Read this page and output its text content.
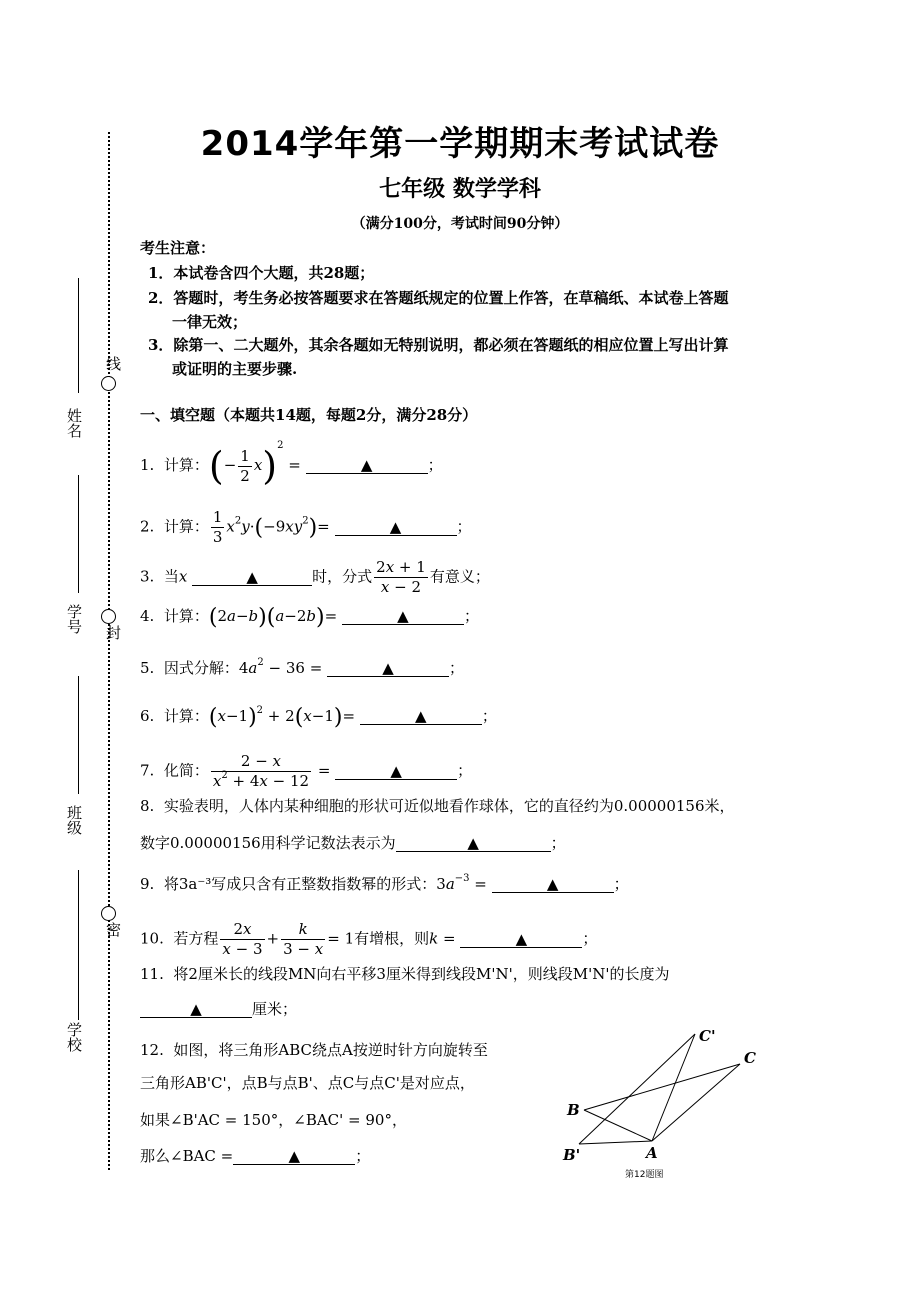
线
封
密
姓名
学号
班级
学校
2014学年第一学期期末考试试卷
七年级 数学学科
（满分100分，考试时间90分钟）
考生注意：
1．本试卷含四个大题，共28题；
2．答题时，考生务必按答题要求在答题纸规定的位置上作答，在草稿纸、本试卷上答题
一律无效；
3．除第一、二大题外，其余各题如无特别说明，都必须在答题纸的相应位置上写出计算
或证明的主要步骤.
一、填空题（本题共14题，每题2分，满分28分）
1. 计算：(− $\frac{1}{2} x)^2$ =	▲	；
2. 计算： $\frac{1}{3} x^2y\cdot(-9xy^2)=$	▲	；
3. 当x	▲	时，分式 $\frac{2x + 1}{x - 2}$ 有意义；
4. 计算：(2a−b)(a−2b)=	▲	；
5. 因式分解：$4a^2 - 36$ =	▲	；
6. 计算：$(x-1)^2 + 2(x-1)=$	▲	；
7. 化简： $\frac{2 - x}{x^2 + 4x - 12}$ =	▲	；
8. 实验表明，人体内某种细胞的形状可近似地看作球体，它的直径约为0.00000156米，
数字0.00000156用科学记数法表示为	▲	；
9. 将3a⁻³写成只含有正整数指数幂的形式：$3a^{-3}$ =	▲	；
10. 若方程 $\frac{2x}{x - 3} + \frac{k}{3 - x} = 1$有增根，则k =	▲	；
11. 将2厘米长的线段MN向右平移3厘米得到线段M'N'，则线段M'N'的长度为
▲	厘米；
12. 如图，将三角形ABC绕点A按逆时针方向旋转至
三角形AB'C'，点B与点B'、点C与点C'是对应点，
如果∠B'AC = 150°，∠BAC' = 90°，
那么∠BAC =	▲	；
C'
C
B
B'	A
第12题图
